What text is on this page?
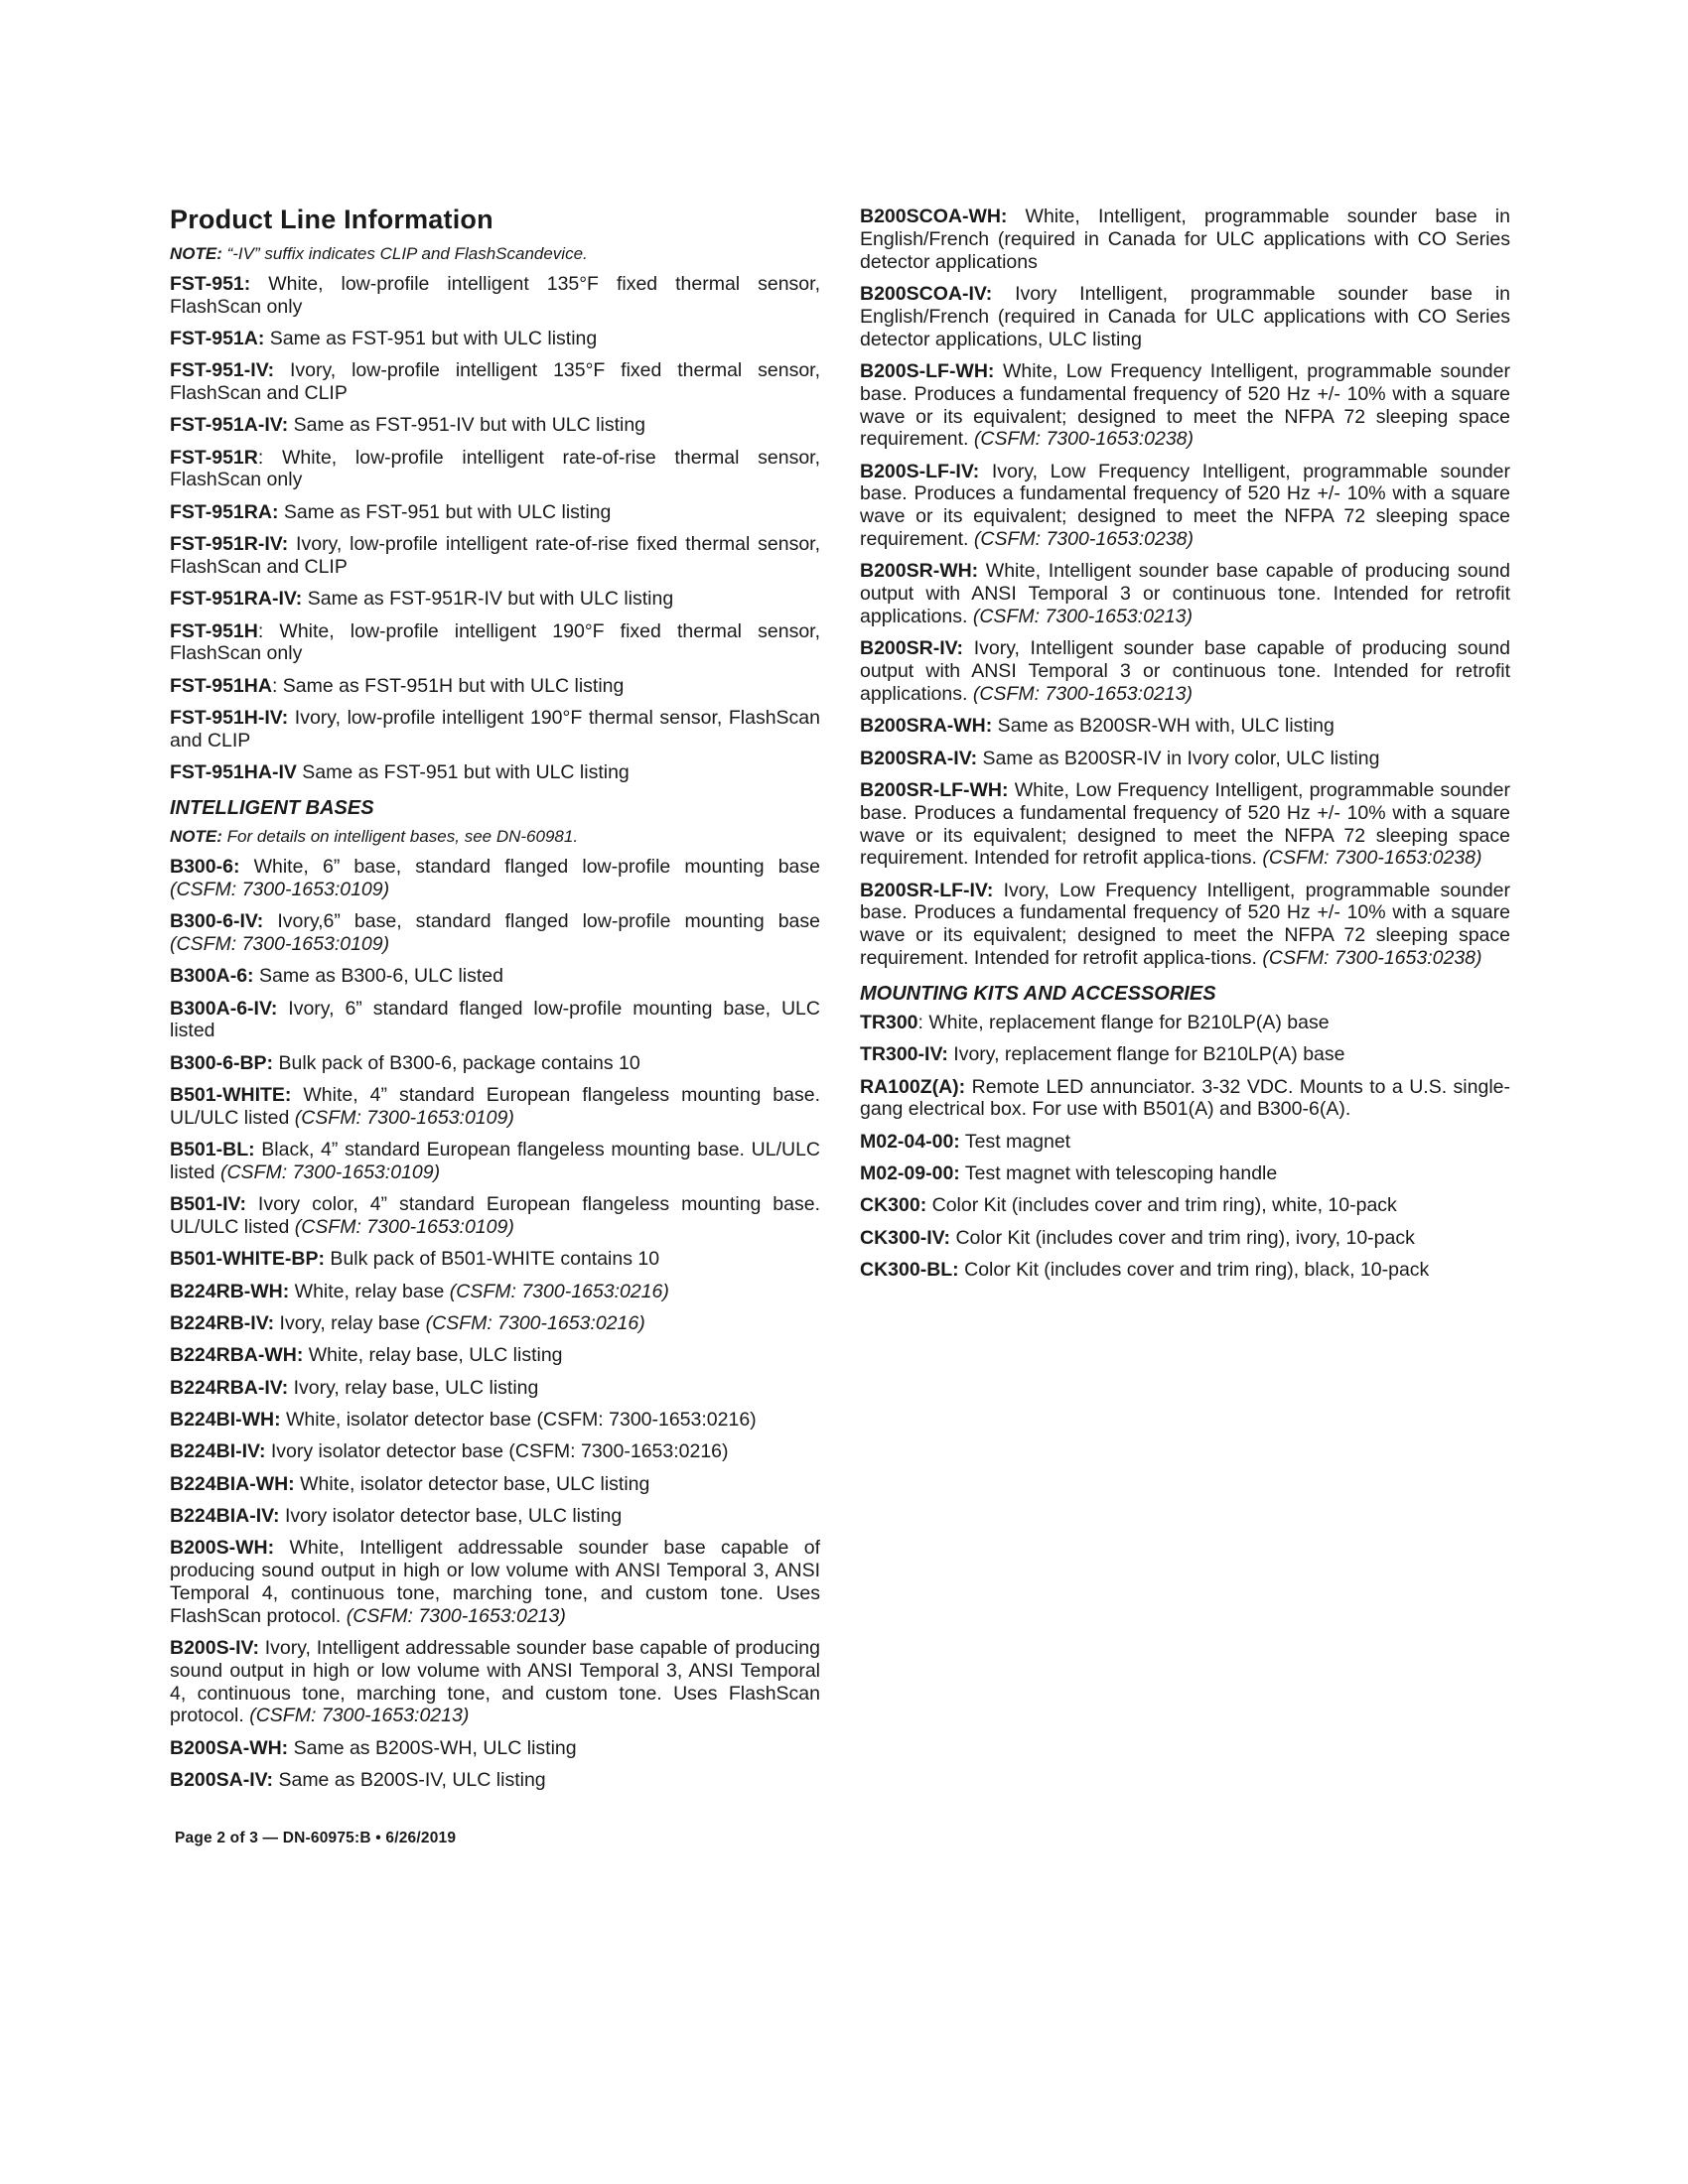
Product Line Information
NOTE: “-IV” suffix indicates CLIP and FlashScandevice.
FST-951: White, low-profile intelligent 135°F fixed thermal sensor, FlashScan only
FST-951A: Same as FST-951 but with ULC listing
FST-951-IV: Ivory, low-profile intelligent 135°F fixed thermal sensor, FlashScan and CLIP
FST-951A-IV: Same as FST-951-IV but with ULC listing
FST-951R: White, low-profile intelligent rate-of-rise thermal sensor, FlashScan only
FST-951RA: Same as FST-951 but with ULC listing
FST-951R-IV: Ivory, low-profile intelligent rate-of-rise fixed thermal sensor, FlashScan and CLIP
FST-951RA-IV: Same as FST-951R-IV but with ULC listing
FST-951H: White, low-profile intelligent 190°F fixed thermal sensor, FlashScan only
FST-951HA: Same as FST-951H but with ULC listing
FST-951H-IV: Ivory, low-profile intelligent 190°F thermal sensor, FlashScan and CLIP
FST-951HA-IV Same as FST-951 but with ULC listing
INTELLIGENT BASES
NOTE: For details on intelligent bases, see DN-60981.
B300-6: White, 6” base, standard flanged low-profile mounting base (CSFM: 7300-1653:0109)
B300-6-IV: Ivory,6” base, standard flanged low-profile mounting base (CSFM: 7300-1653:0109)
B300A-6: Same as B300-6, ULC listed
B300A-6-IV: Ivory, 6” standard flanged low-profile mounting base, ULC listed
B300-6-BP: Bulk pack of B300-6, package contains 10
B501-WHITE: White, 4” standard European flangeless mounting base. UL/ULC listed (CSFM: 7300-1653:0109)
B501-BL: Black, 4” standard European flangeless mounting base. UL/ULC listed (CSFM: 7300-1653:0109)
B501-IV: Ivory color, 4” standard European flangeless mounting base. UL/ULC listed (CSFM: 7300-1653:0109)
B501-WHITE-BP: Bulk pack of B501-WHITE contains 10
B224RB-WH: White, relay base (CSFM: 7300-1653:0216)
B224RB-IV: Ivory, relay base (CSFM: 7300-1653:0216)
B224RBA-WH: White, relay base, ULC listing
B224RBA-IV: Ivory, relay base, ULC listing
B224BI-WH: White, isolator detector base (CSFM: 7300-1653:0216)
B224BI-IV: Ivory isolator detector base (CSFM: 7300-1653:0216)
B224BIA-WH: White, isolator detector base, ULC listing
B224BIA-IV: Ivory isolator detector base, ULC listing
B200S-WH: White, Intelligent addressable sounder base capable of producing sound output in high or low volume with ANSI Temporal 3, ANSI Temporal 4, continuous tone, marching tone, and custom tone. Uses FlashScan protocol. (CSFM: 7300-1653:0213)
B200S-IV: Ivory, Intelligent addressable sounder base capable of producing sound output in high or low volume with ANSI Temporal 3, ANSI Temporal 4, continuous tone, marching tone, and custom tone. Uses FlashScan protocol. (CSFM: 7300-1653:0213)
B200SA-WH: Same as B200S-WH, ULC listing
B200SA-IV: Same as B200S-IV, ULC listing
B200SCOA-WH: White, Intelligent, programmable sounder base in English/French (required in Canada for ULC applications with CO Series detector applications
B200SCOA-IV: Ivory Intelligent, programmable sounder base in English/French (required in Canada for ULC applications with CO Series detector applications, ULC listing
B200S-LF-WH: White, Low Frequency Intelligent, programmable sounder base. Produces a fundamental frequency of 520 Hz +/- 10% with a square wave or its equivalent; designed to meet the NFPA 72 sleeping space requirement. (CSFM: 7300-1653:0238)
B200S-LF-IV: Ivory, Low Frequency Intelligent, programmable sounder base. Produces a fundamental frequency of 520 Hz +/- 10% with a square wave or its equivalent; designed to meet the NFPA 72 sleeping space requirement. (CSFM: 7300-1653:0238)
B200SR-WH: White, Intelligent sounder base capable of producing sound output with ANSI Temporal 3 or continuous tone. Intended for retrofit applications. (CSFM: 7300-1653:0213)
B200SR-IV: Ivory, Intelligent sounder base capable of producing sound output with ANSI Temporal 3 or continuous tone. Intended for retrofit applications. (CSFM: 7300-1653:0213)
B200SRA-WH: Same as B200SR-WH with, ULC listing
B200SRA-IV: Same as B200SR-IV in Ivory color, ULC listing
B200SR-LF-WH: White, Low Frequency Intelligent, programmable sounder base. Produces a fundamental frequency of 520 Hz +/- 10% with a square wave or its equivalent; designed to meet the NFPA 72 sleeping space requirement. Intended for retrofit applica-tions. (CSFM: 7300-1653:0238)
B200SR-LF-IV: Ivory, Low Frequency Intelligent, programmable sounder base. Produces a fundamental frequency of 520 Hz +/- 10% with a square wave or its equivalent; designed to meet the NFPA 72 sleeping space requirement. Intended for retrofit applica-tions. (CSFM: 7300-1653:0238)
MOUNTING KITS AND ACCESSORIES
TR300: White, replacement flange for B210LP(A) base
TR300-IV: Ivory, replacement flange for B210LP(A) base
RA100Z(A): Remote LED annunciator. 3-32 VDC. Mounts to a U.S. single-gang electrical box. For use with B501(A) and B300-6(A).
M02-04-00: Test magnet
M02-09-00: Test magnet with telescoping handle
CK300: Color Kit (includes cover and trim ring), white, 10-pack
CK300-IV: Color Kit (includes cover and trim ring), ivory, 10-pack
CK300-BL: Color Kit (includes cover and trim ring), black, 10-pack
Page 2 of 3 — DN-60975:B • 6/26/2019
